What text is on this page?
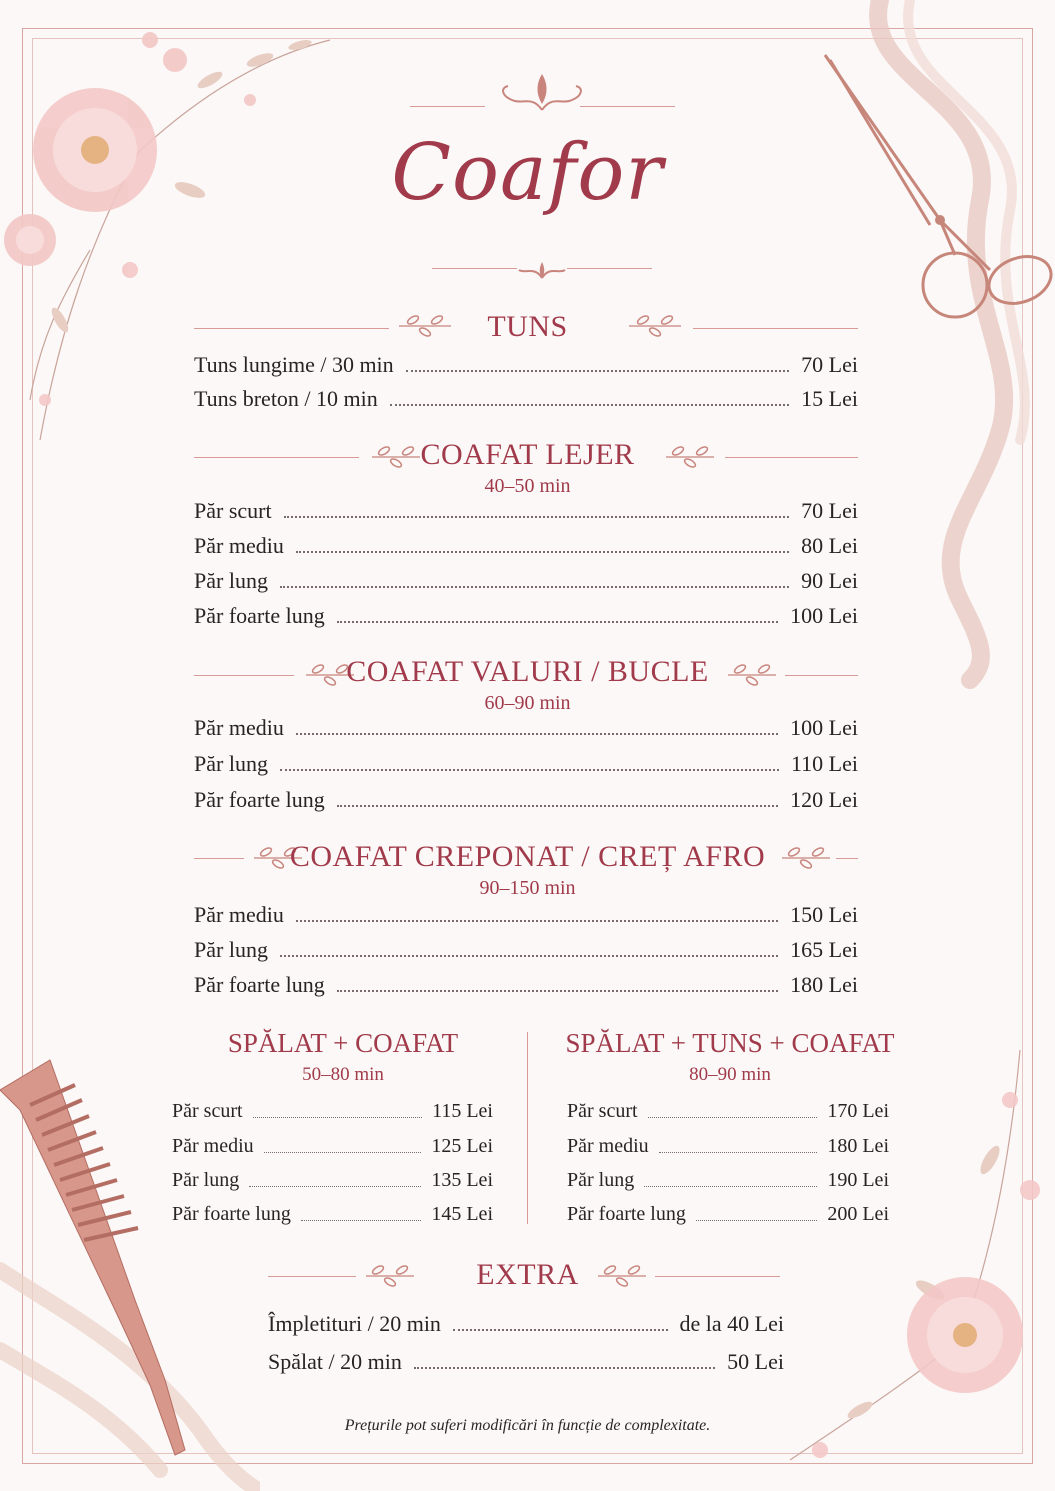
Coafor
TUNS
Tuns lungime / 30 min	70 Lei
Tuns breton / 10 min	15 Lei
COAFAT LEJER
40–50 min
Păr scurt	70 Lei
Păr mediu	80 Lei
Păr lung	90 Lei
Păr foarte lung	100 Lei
COAFAT VALURI / BUCLE
60–90 min
Păr mediu	100 Lei
Păr lung	110 Lei
Păr foarte lung	120 Lei
COAFAT CREPONAT / CREȚ AFRO
90–150 min
Păr mediu	150 Lei
Păr lung	165 Lei
Păr foarte lung	180 Lei
SPĂLAT + COAFAT
50–80 min
Păr scurt	115 Lei
Păr mediu	125 Lei
Păr lung	135 Lei
Păr foarte lung	145 Lei
SPĂLAT + TUNS + COAFAT
80–90 min
Păr scurt	170 Lei
Păr mediu	180 Lei
Păr lung	190 Lei
Păr foarte lung	200 Lei
EXTRA
Împletituri / 20 min	de la 40 Lei
Spălat / 20 min	50 Lei
Prețurile pot suferi modificări în funcție de complexitate.
